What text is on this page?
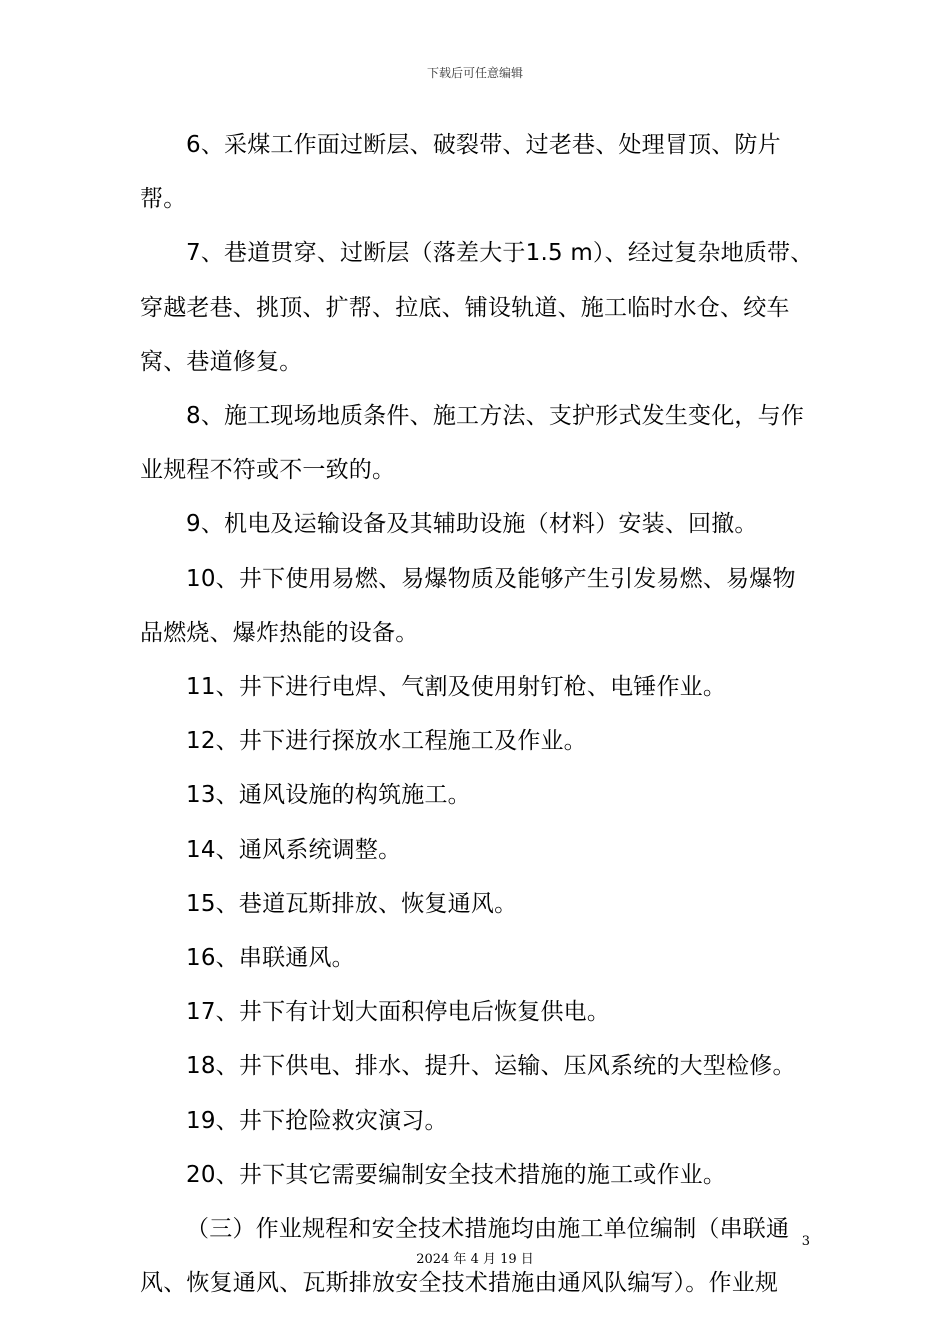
下载后可任意编辑

6、采煤工作面过断层、破裂带、过老巷、处理冒顶、防片帮。

7、巷道贯穿、过断层（落差大于1.5 m）、经过复杂地质带、

穿越老巷、挑顶、扩帮、拉底、铺设轨道、施工临时水仓、绞车

窝、巷道修复。

8、施工现场地质条件、施工方法、支护形式发生变化，与作

业规程不符或不一致的。

9、机电及运输设备及其辅助设施（材料）安装、回撤。

10、井下使用易燃、易爆物质及能够产生引发易燃、易爆物

品燃烧、爆炸热能的设备。

11、井下进行电焊、气割及使用射钉枪、电锤作业。

12、井下进行探放水工程施工及作业。

13、通风设施的构筑施工。

14、通风系统调整。

15、巷道瓦斯排放、恢复通风。

16、串联通风。

17、井下有计划大面积停电后恢复供电。

18、井下供电、排水、提升、运输、压风系统的大型检修。

19、井下抢险救灾演习。

20、井下其它需要编制安全技术措施的施工或作业。

（三）作业规程和安全技术措施均由施工单位编制（串联通

风、恢复通风、瓦斯排放安全技术措施由通风队编写）。作业规

3
2024 年 4 月 19 日
